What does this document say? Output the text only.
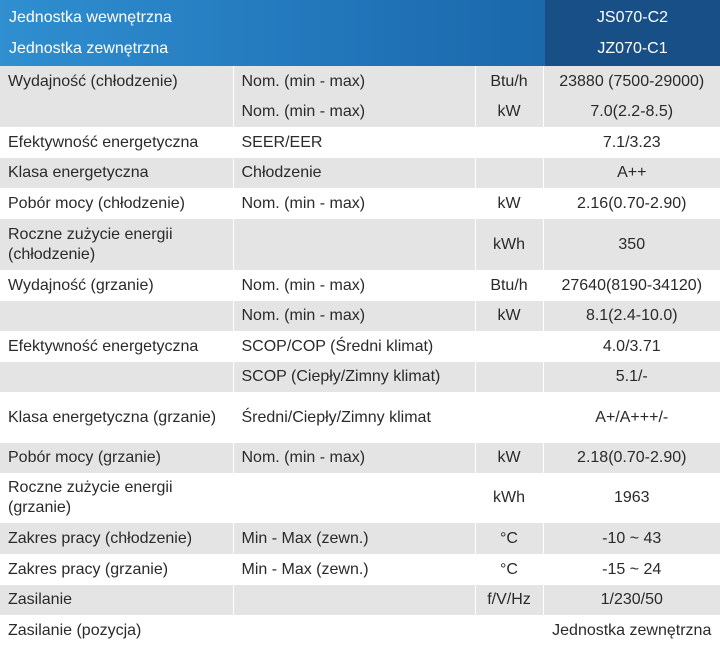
Jednostka wewnętrzna	JS070-C2
Jednostka zewnętrzna	JZ070-C1
Wydajność (chłodzenie)	Nom. (min - max)	Btu/h	23880 (7500-29000)
	Nom. (min - max)	kW	7.0(2.2-8.5)
Efektywność energetyczna	SEER/EER		7.1/3.23
Klasa energetyczna	Chłodzenie		A++
Pobór mocy (chłodzenie)	Nom. (min - max)	kW	2.16(0.70-2.90)
Roczne zużycie energii (chłodzenie)		kWh	350
Wydajność (grzanie)	Nom. (min - max)	Btu/h	27640(8190-34120)
	Nom. (min - max)	kW	8.1(2.4-10.0)
Efektywność energetyczna	SCOP/COP (Średni klimat)		4.0/3.71
	SCOP (Ciepły/Zimny klimat)		5.1/-
Klasa energetyczna (grzanie)	Średni/Ciepły/Zimny klimat		A+/A+++/-
Pobór mocy (grzanie)	Nom. (min - max)	kW	2.18(0.70-2.90)
Roczne zużycie energii (grzanie)		kWh	1963
Zakres pracy (chłodzenie)	Min - Max (zewn.)	°C	-10 ~ 43
Zakres pracy (grzanie)	Min - Max (zewn.)	°C	-15 ~ 24
Zasilanie		f/V/Hz	1/230/50
Zasilanie (pozycja)			Jednostka zewnętrzna
